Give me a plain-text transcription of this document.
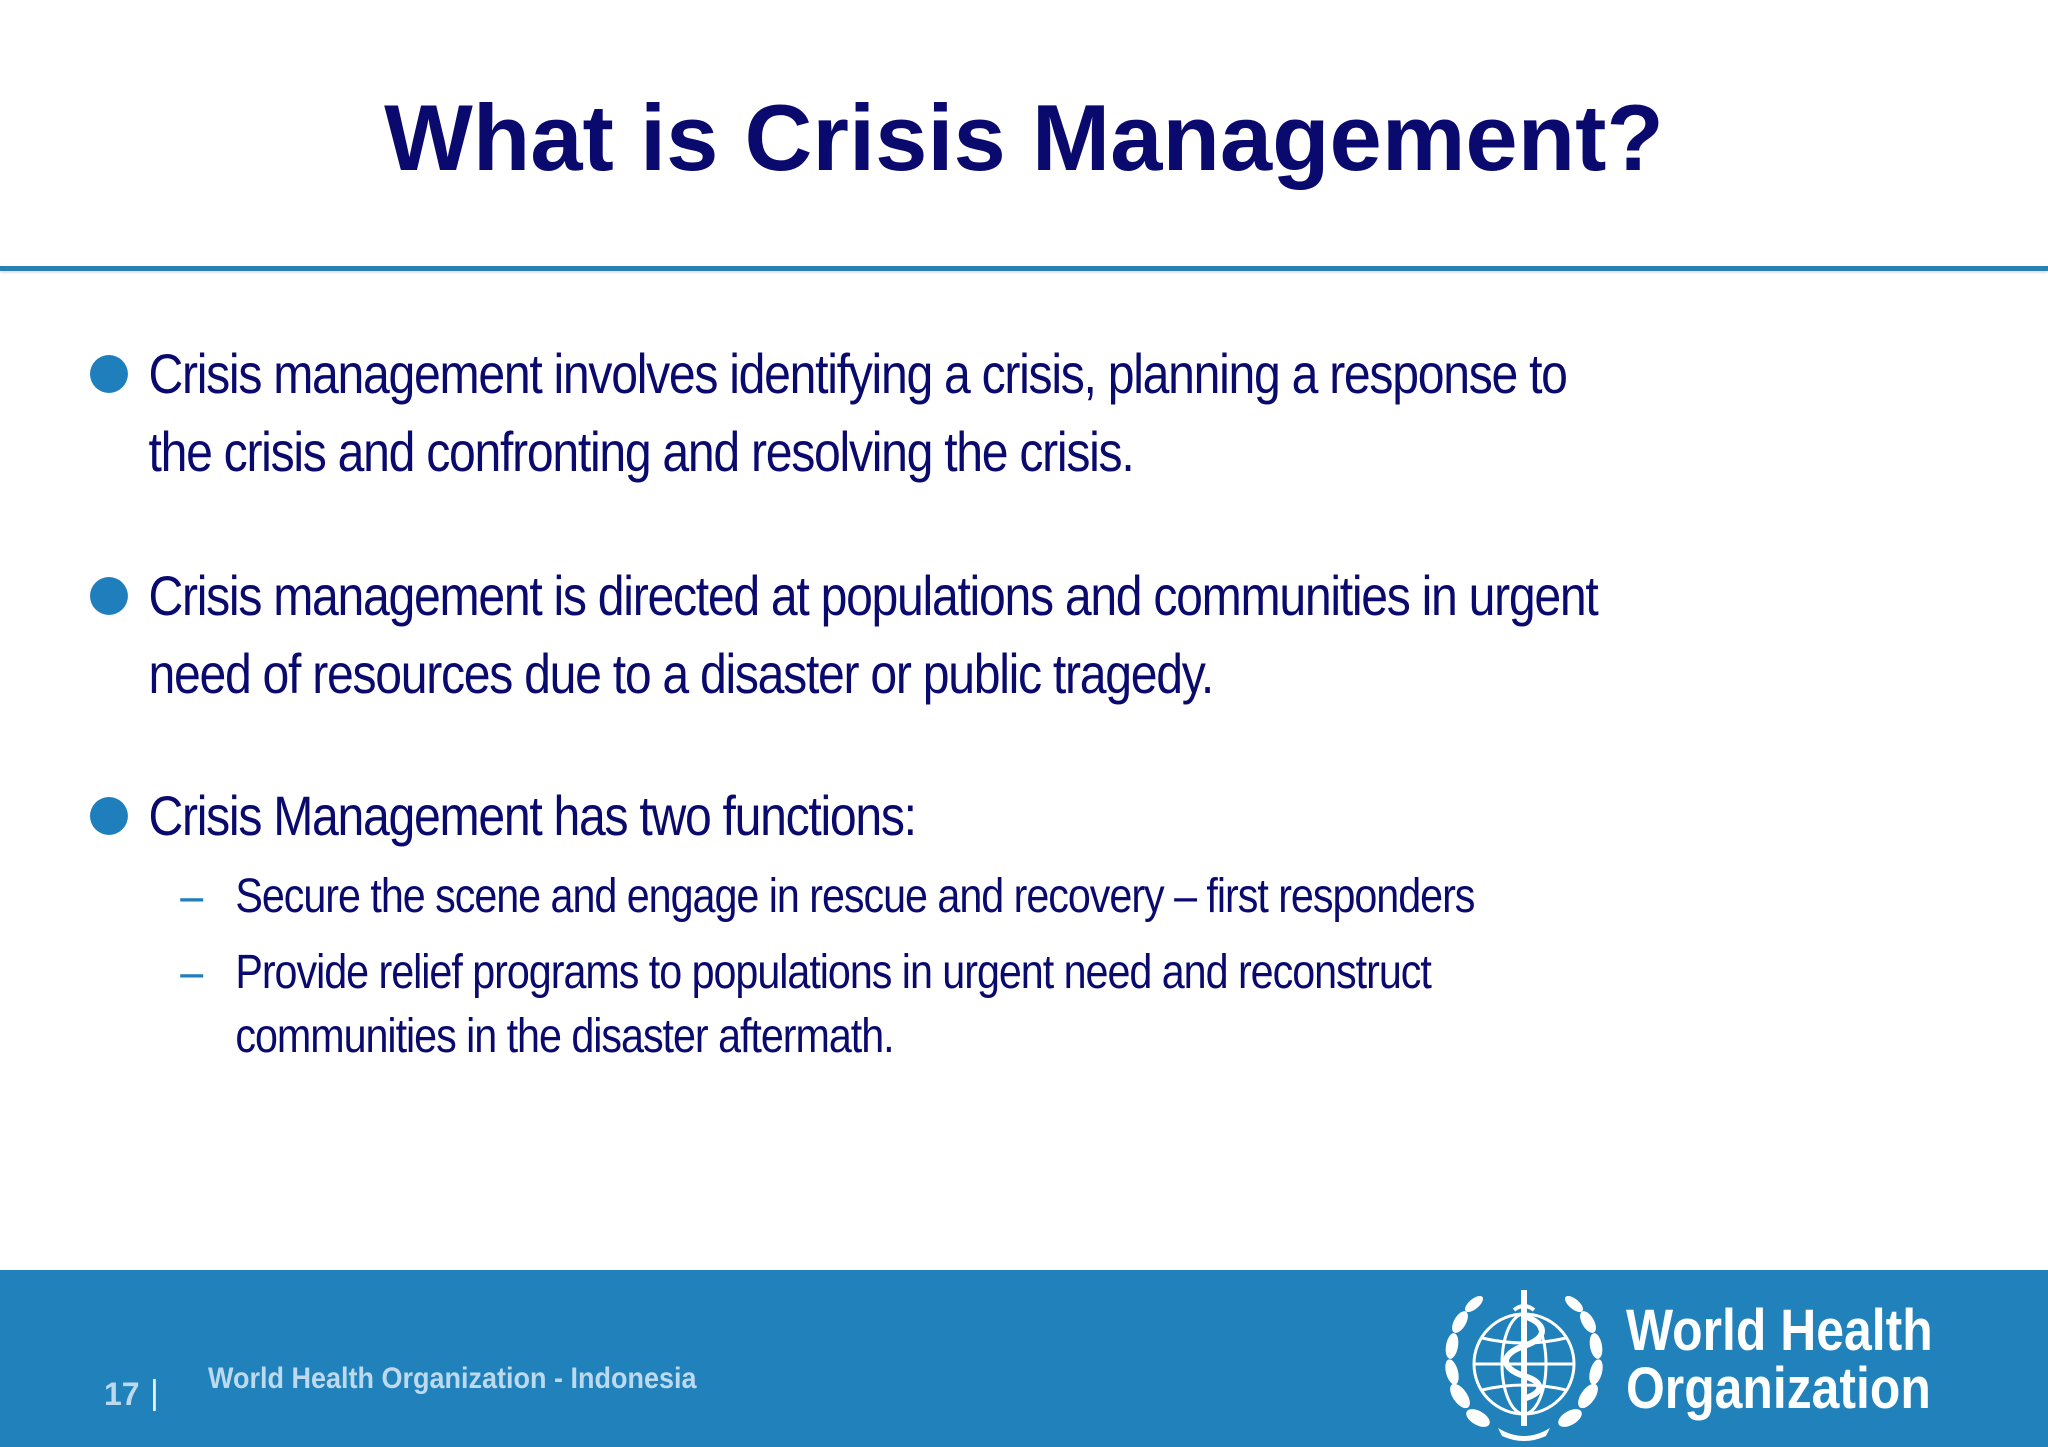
What is Crisis Management?
Crisis management involves identifying a crisis, planning a response to
the crisis and confronting and resolving the crisis.
Crisis management is directed at populations and communities in urgent
need of resources due to a disaster or public tragedy.
Crisis Management has two functions:
– Secure the scene and engage in rescue and recovery – first responders
– Provide relief programs to populations in urgent need and reconstruct
communities in the disaster aftermath.
17 | World Health Organization - Indonesia
World Health
Organization
